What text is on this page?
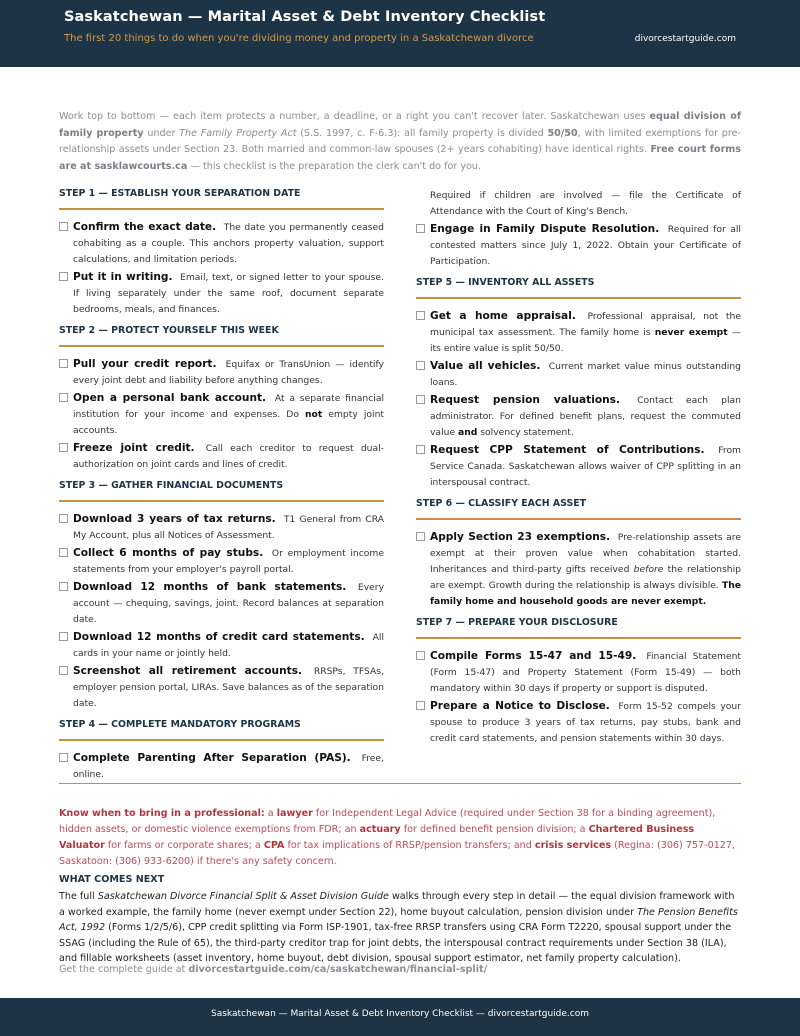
Saskatchewan — Marital Asset & Debt Inventory Checklist
The first 20 things to do when you're dividing money and property in a Saskatchewan divorce	divorcestartguide.com
Work top to bottom — each item protects a number, a deadline, or a right you can't recover later. Saskatchewan uses equal division of family property under The Family Property Act (S.S. 1997, c. F-6.3): all family property is divided 50/50, with limited exemptions for pre-relationship assets under Section 23. Both married and common-law spouses (2+ years cohabiting) have identical rights. Free court forms are at sasklawcourts.ca — this checklist is the preparation the clerk can't do for you.
STEP 1 — ESTABLISH YOUR SEPARATION DATE
Confirm the exact date. The date you permanently ceased cohabiting as a couple. This anchors property valuation, support calculations, and limitation periods.
Put it in writing. Email, text, or signed letter to your spouse. If living separately under the same roof, document separate bedrooms, meals, and finances.
STEP 2 — PROTECT YOURSELF THIS WEEK
Pull your credit report. Equifax or TransUnion — identify every joint debt and liability before anything changes.
Open a personal bank account. At a separate financial institution for your income and expenses. Do not empty joint accounts.
Freeze joint credit. Call each creditor to request dual-authorization on joint cards and lines of credit.
STEP 3 — GATHER FINANCIAL DOCUMENTS
Download 3 years of tax returns. T1 General from CRA My Account, plus all Notices of Assessment.
Collect 6 months of pay stubs. Or employment income statements from your employer's payroll portal.
Download 12 months of bank statements. Every account — chequing, savings, joint. Record balances at separation date.
Download 12 months of credit card statements. All cards in your name or jointly held.
Screenshot all retirement accounts. RRSPs, TFSAs, employer pension portal, LIRAs. Save balances as of the separation date.
STEP 4 — COMPLETE MANDATORY PROGRAMS
Complete Parenting After Separation (PAS). Free, online.
Required if children are involved — file the Certificate of Attendance with the Court of King's Bench.
Engage in Family Dispute Resolution. Required for all contested matters since July 1, 2022. Obtain your Certificate of Participation.
STEP 5 — INVENTORY ALL ASSETS
Get a home appraisal. Professional appraisal, not the municipal tax assessment. The family home is never exempt — its entire value is split 50/50.
Value all vehicles. Current market value minus outstanding loans.
Request pension valuations. Contact each plan administrator. For defined benefit plans, request the commuted value and solvency statement.
Request CPP Statement of Contributions. From Service Canada. Saskatchewan allows waiver of CPP splitting in an interspousal contract.
STEP 6 — CLASSIFY EACH ASSET
Apply Section 23 exemptions. Pre-relationship assets are exempt at their proven value when cohabitation started. Inheritances and third-party gifts received before the relationship are exempt. Growth during the relationship is always divisible. The family home and household goods are never exempt.
STEP 7 — PREPARE YOUR DISCLOSURE
Compile Forms 15-47 and 15-49. Financial Statement (Form 15-47) and Property Statement (Form 15-49) — both mandatory within 30 days if property or support is disputed.
Prepare a Notice to Disclose. Form 15-52 compels your spouse to produce 3 years of tax returns, pay stubs, bank and credit card statements, and pension statements within 30 days.
Know when to bring in a professional: a lawyer for Independent Legal Advice (required under Section 38 for a binding agreement), hidden assets, or domestic violence exemptions from FDR; an actuary for defined benefit pension division; a Chartered Business Valuator for farms or corporate shares; a CPA for tax implications of RRSP/pension transfers; and crisis services (Regina: (306) 757-0127, Saskatoon: (306) 933-6200) if there's any safety concern.
WHAT COMES NEXT
The full Saskatchewan Divorce Financial Split & Asset Division Guide walks through every step in detail — the equal division framework with a worked example, the family home (never exempt under Section 22), home buyout calculation, pension division under The Pension Benefits Act, 1992 (Forms 1/2/5/6), CPP credit splitting via Form ISP-1901, tax-free RRSP transfers using CRA Form T2220, spousal support under the SSAG (including the Rule of 65), the third-party creditor trap for joint debts, the interspousal contract requirements under Section 38 (ILA), and fillable worksheets (asset inventory, home buyout, debt division, spousal support estimator, net family property calculation).
Get the complete guide at divorcestartguide.com/ca/saskatchewan/financial-split/
Saskatchewan — Marital Asset & Debt Inventory Checklist — divorcestartguide.com
